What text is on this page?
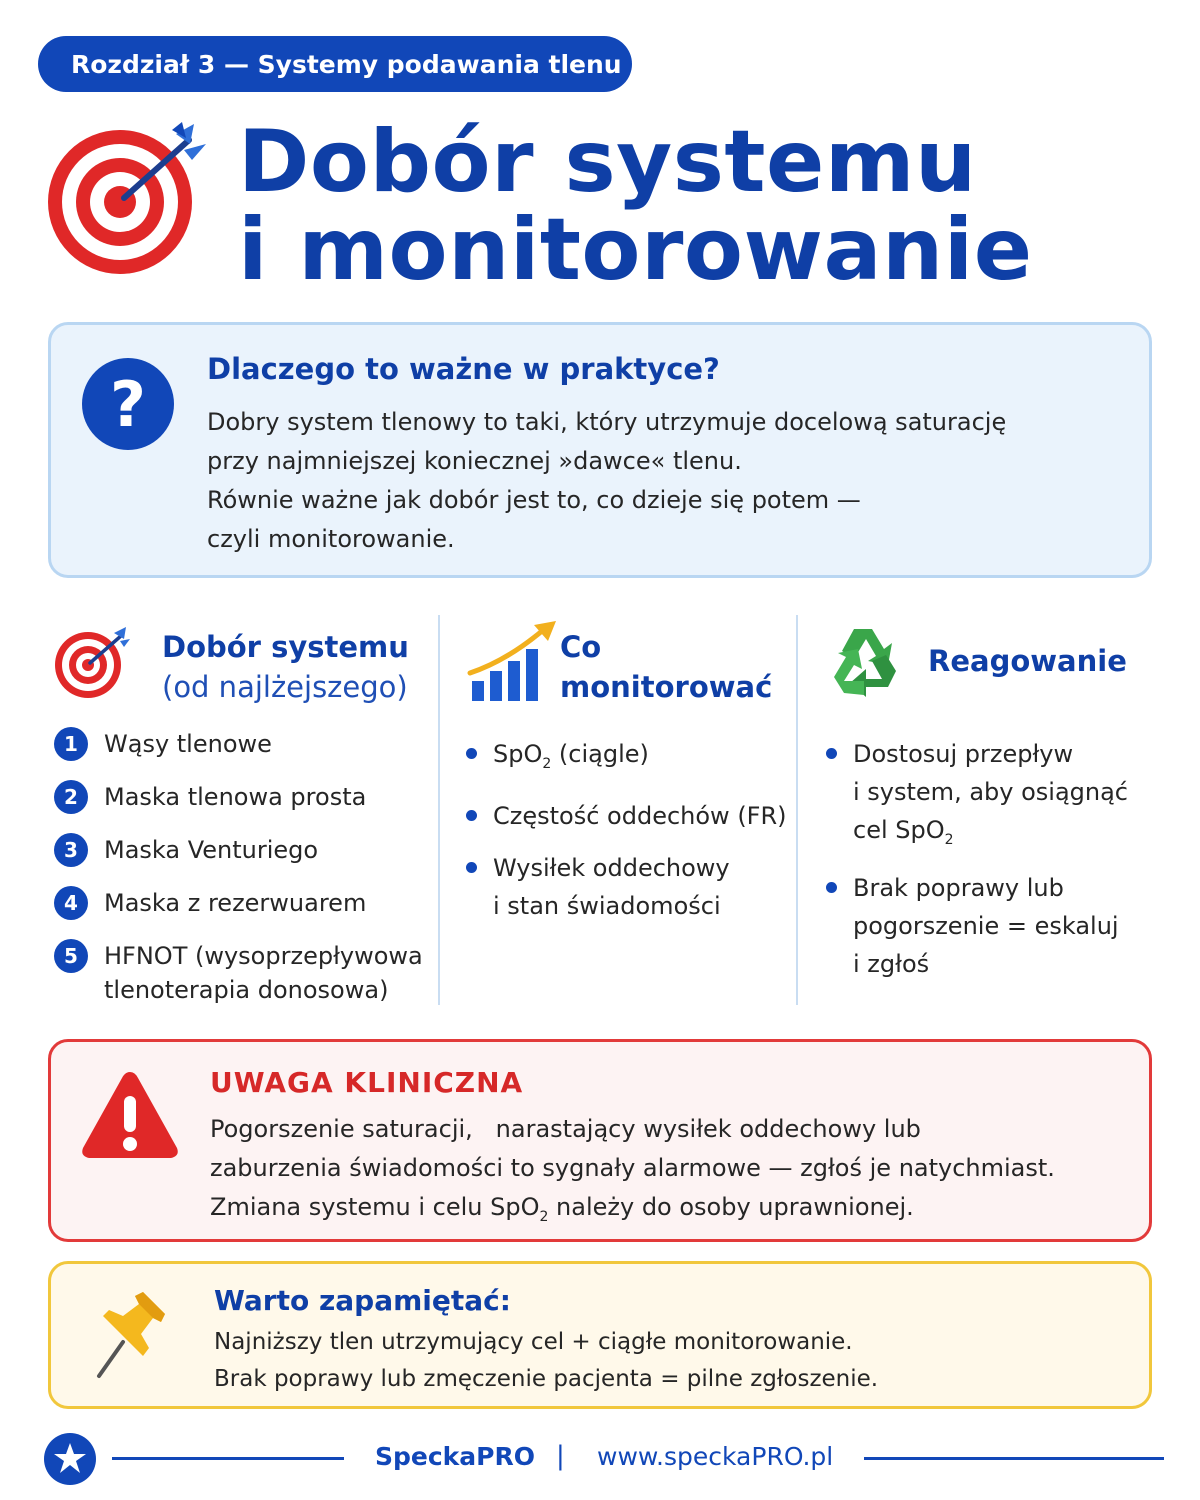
Rozdział 3 — Systemy podawania tlenu
Dobór systemu
i monitorowanie
?	Dlaczego to ważne w praktyce?
Dobry system tlenowy to taki, który utrzymuje docelową saturację
przy najmniejszej koniecznej »dawce« tlenu.
Równie ważne jak dobór jest to, co dzieje się potem —
czyli monitorowanie.
Dobór systemu
(od najlżejszego)
1	Wąsy tlenowe
2	Maska tlenowa prosta
3	Maska Venturiego
4	Maska z rezerwuarem
5	HFNOT (wysoprzepływowa
tlenoterapia donosowa)
Co
monitorować
SpO$_2$ (ciągle)
Częstość oddechów (FR)
Wysiłek oddechowy
i stan świadomości
Reagowanie
Dostosuj przepływ
i system, aby osiągnąć
cel SpO$_2$
Brak poprawy lub
pogorszenie = eskaluj
i zgłoś
UWAGA KLINICZNA
Pogorszenie saturacji,   narastający wysiłek oddechowy lub
zaburzenia świadomości to sygnały alarmowe — zgłoś je natychmiast.
Zmiana systemu i celu SpO$_2$ należy do osoby uprawnionej.
Warto zapamiętać:
Najniższy tlen utrzymujący cel + ciągłe monitorowanie.
Brak poprawy lub zmęczenie pacjenta = pilne zgłoszenie.
SpeckaPRO | www.speckaPRO.pl
